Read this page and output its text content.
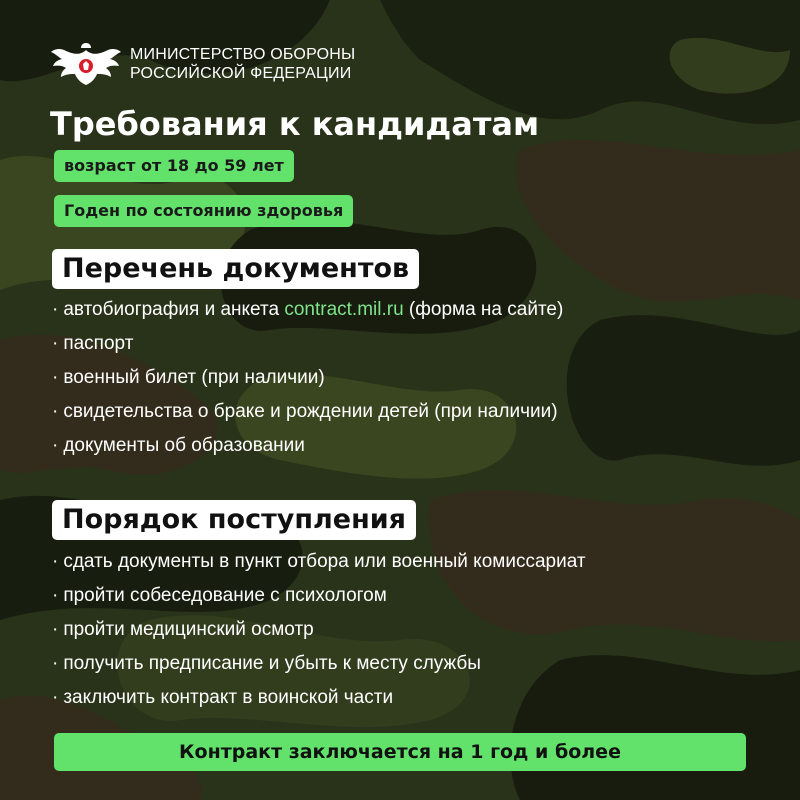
МИНИСТЕРСТВО ОБОРОНЫ
РОССИЙСКОЙ ФЕДЕРАЦИИ
Требования к кандидатам
возраст от 18 до 59 лет
Годен по состоянию здоровья
Перечень документов
· автобиография и анкета contract.mil.ru (форма на сайте)
· паспорт
· военный билет (при наличии)
· свидетельства о браке и рождении детей (при наличии)
· документы об образовании
Порядок поступления
· сдать документы в пункт отбора или военный комиссариат
· пройти собеседование с психологом
· пройти медицинский осмотр
· получить предписание и убыть к месту службы
· заключить контракт в воинской части
Контракт заключается на 1 год и более
